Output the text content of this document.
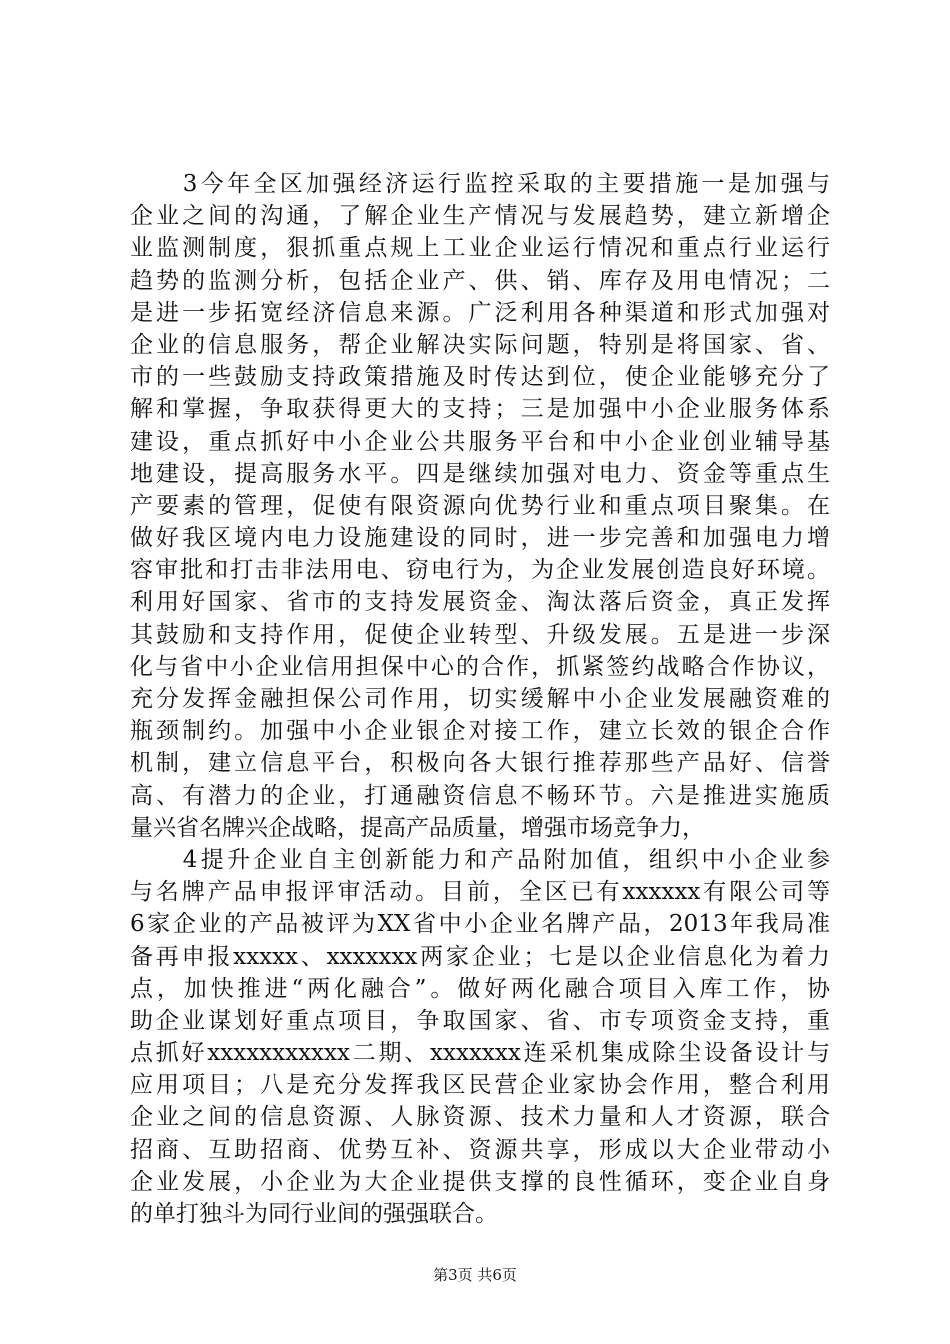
　　3今年全区加强经济运行监控采取的主要措施一是加强与
企业之间的沟通，了解企业生产情况与发展趋势，建立新增企
业监测制度，狠抓重点规上工业企业运行情况和重点行业运行
趋势的监测分析，包括企业产、供、销、库存及用电情况；二
是进一步拓宽经济信息来源。广泛利用各种渠道和形式加强对
企业的信息服务，帮企业解决实际问题，特别是将国家、省、
市的一些鼓励支持政策措施及时传达到位，使企业能够充分了
解和掌握，争取获得更大的支持；三是加强中小企业服务体系
建设，重点抓好中小企业公共服务平台和中小企业创业辅导基
地建设，提高服务水平。四是继续加强对电力、资金等重点生
产要素的管理，促使有限资源向优势行业和重点项目聚集。在
做好我区境内电力设施建设的同时，进一步完善和加强电力增
容审批和打击非法用电、窃电行为，为企业发展创造良好环境。
利用好国家、省市的支持发展资金、淘汰落后资金，真正发挥
其鼓励和支持作用，促使企业转型、升级发展。五是进一步深
化与省中小企业信用担保中心的合作，抓紧签约战略合作协议，
充分发挥金融担保公司作用，切实缓解中小企业发展融资难的
瓶颈制约。加强中小企业银企对接工作，建立长效的银企合作
机制，建立信息平台，积极向各大银行推荐那些产品好、信誉
高、有潜力的企业，打通融资信息不畅环节。六是推进实施质
量兴省名牌兴企战略，提高产品质量，增强市场竞争力，
　　4提升企业自主创新能力和产品附加值，组织中小企业参
与名牌产品申报评审活动。目前，全区已有xxxxxx有限公司等
6家企业的产品被评为XX省中小企业名牌产品，2013年我局准
备再申报xxxxx、xxxxxxx两家企业；七是以企业信息化为着力
点，加快推进“两化融合”。做好两化融合项目入库工作，协
助企业谋划好重点项目，争取国家、省、市专项资金支持，重
点抓好xxxxxxxxxxx二期、xxxxxxx连采机集成除尘设备设计与
应用项目；八是充分发挥我区民营企业家协会作用，整合利用
企业之间的信息资源、人脉资源、技术力量和人才资源，联合
招商、互助招商、优势互补、资源共享，形成以大企业带动小
企业发展，小企业为大企业提供支撑的良性循环，变企业自身
的单打独斗为同行业间的强强联合。
第3页 共6页
